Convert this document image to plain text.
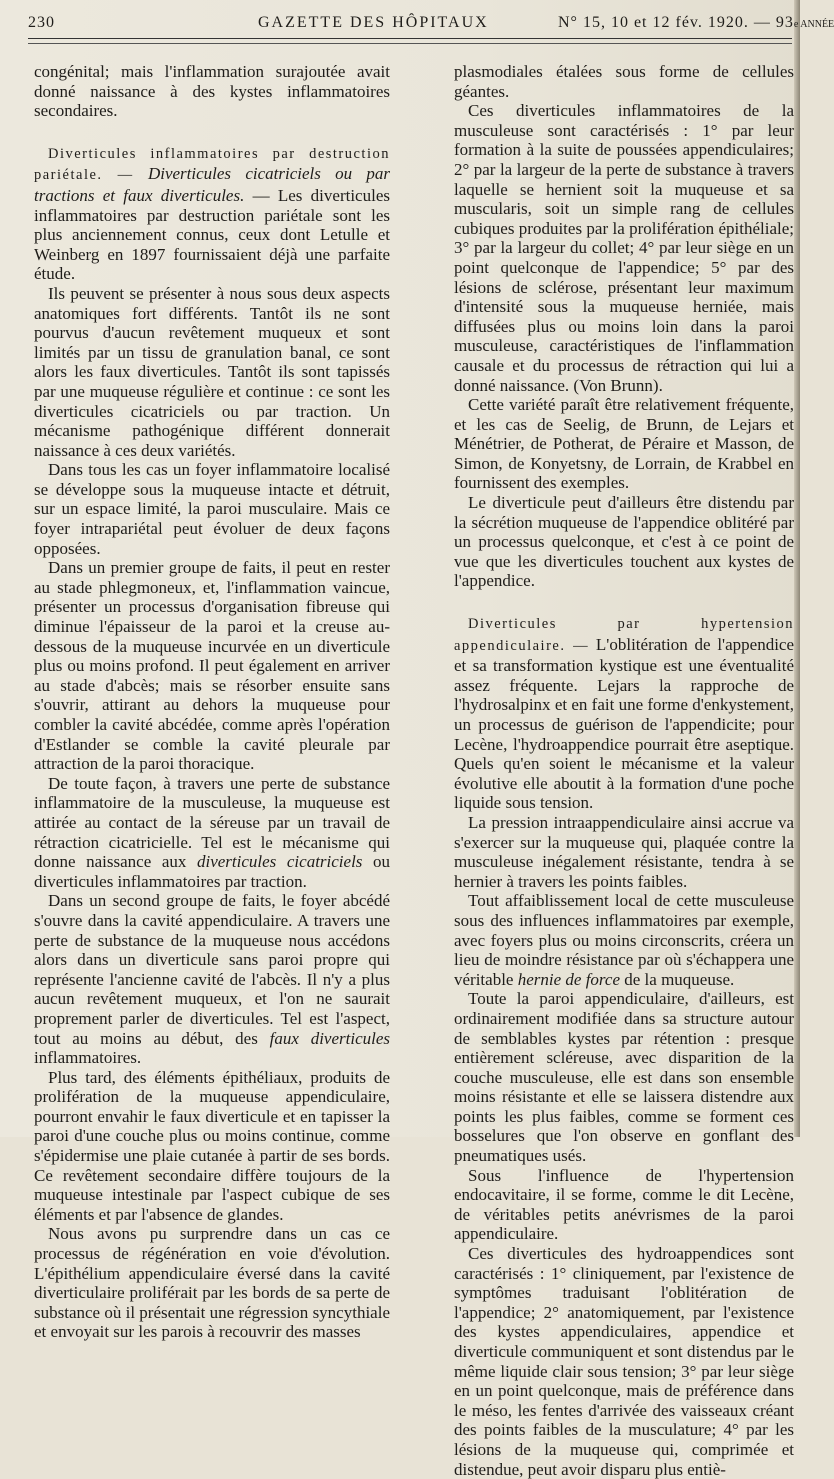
230	GAZETTE DES HÔPITAUX	N° 15, 10 et 12 fév. 1920. — 93e ANNÉE

congénital; mais l'inflammation surajoutée avait donné naissance à des kystes inflammatoires secondaires.

Diverticules inflammatoires par destruction pariétale. — Diverticules cicatriciels ou par tractions et faux diverticules. — Les diverticules inflammatoires par destruction pariétale sont les plus anciennement connus, ceux dont Letulle et Weinberg en 1897 fournissaient déjà une parfaite étude.

Ils peuvent se présenter à nous sous deux aspects anatomiques fort différents. Tantôt ils ne sont pourvus d'aucun revêtement muqueux et sont limités par un tissu de granulation banal, ce sont alors les faux diverticules. Tantôt ils sont tapissés par une muqueuse régulière et continue : ce sont les diverticules cicatriciels ou par traction. Un mécanisme pathogénique différent donnerait naissance à ces deux variétés.

Dans tous les cas un foyer inflammatoire localisé se développe sous la muqueuse intacte et détruit, sur un espace limité, la paroi musculaire. Mais ce foyer intrapariétal peut évoluer de deux façons opposées.

Dans un premier groupe de faits, il peut en rester au stade phlegmoneux, et, l'inflammation vaincue, présenter un processus d'organisation fibreuse qui diminue l'épaisseur de la paroi et la creuse au-dessous de la muqueuse incurvée en un diverticule plus ou moins profond. Il peut également en arriver au stade d'abcès; mais se résorber ensuite sans s'ouvrir, attirant au dehors la muqueuse pour combler la cavité abcédée, comme après l'opération d'Estlander se comble la cavité pleurale par attraction de la paroi thoracique.

De toute façon, à travers une perte de substance inflammatoire de la musculeuse, la muqueuse est attirée au contact de la séreuse par un travail de rétraction cicatricielle. Tel est le mécanisme qui donne naissance aux diverticules cicatriciels ou diverticules inflammatoires par traction.

Dans un second groupe de faits, le foyer abcédé s'ouvre dans la cavité appendiculaire. A travers une perte de substance de la muqueuse nous accédons alors dans un diverticule sans paroi propre qui représente l'ancienne cavité de l'abcès. Il n'y a plus aucun revêtement muqueux, et l'on ne saurait proprement parler de diverticules. Tel est l'aspect, tout au moins au début, des faux diverticules inflammatoires.

Plus tard, des éléments épithéliaux, produits de prolifération de la muqueuse appendiculaire, pourront envahir le faux diverticule et en tapisser la paroi d'une couche plus ou moins continue, comme s'épidermise une plaie cutanée à partir de ses bords. Ce revêtement secondaire diffère toujours de la muqueuse intestinale par l'aspect cubique de ses éléments et par l'absence de glandes.

Nous avons pu surprendre dans un cas ce processus de régénération en voie d'évolution. L'épithélium appendiculaire éversé dans la cavité diverticulaire proliférait par les bords de sa perte de substance où il présentait une régression syncythiale et envoyait sur les parois à recouvrir des masses

plasmodiales étalées sous forme de cellules géantes.

Ces diverticules inflammatoires de la musculeuse sont caractérisés : 1° par leur formation à la suite de poussées appendiculaires; 2° par la largeur de la perte de substance à travers laquelle se hernient soit la muqueuse et sa muscularis, soit un simple rang de cellules cubiques produites par la prolifération épithéliale; 3° par la largeur du collet; 4° par leur siège en un point quelconque de l'appendice; 5° par des lésions de sclérose, présentant leur maximum d'intensité sous la muqueuse herniée, mais diffusées plus ou moins loin dans la paroi musculeuse, caractéristiques de l'inflammation causale et du processus de rétraction qui lui a donné naissance. (Von Brunn).

Cette variété paraît être relativement fréquente, et les cas de Seelig, de Brunn, de Lejars et Ménétrier, de Potherat, de Péraire et Masson, de Simon, de Konyetsny, de Lorrain, de Krabbel en fournissent des exemples.

Le diverticule peut d'ailleurs être distendu par la sécrétion muqueuse de l'appendice oblitéré par un processus quelconque, et c'est à ce point de vue que les diverticules touchent aux kystes de l'appendice.

Diverticules par hypertension appendiculaire. — L'oblitération de l'appendice et sa transformation kystique est une éventualité assez fréquente. Lejars la rapproche de l'hydrosalpinx et en fait une forme d'enkystement, un processus de guérison de l'appendicite; pour Lecène, l'hydroappendice pourrait être aseptique. Quels qu'en soient le mécanisme et la valeur évolutive elle aboutit à la formation d'une poche liquide sous tension.

La pression intraappendiculaire ainsi accrue va s'exercer sur la muqueuse qui, plaquée contre la musculeuse inégalement résistante, tendra à se hernier à travers les points faibles.

Tout affaiblissement local de cette musculeuse sous des influences inflammatoires par exemple, avec foyers plus ou moins circonscrits, créera un lieu de moindre résistance par où s'échappera une véritable hernie de force de la muqueuse.

Toute la paroi appendiculaire, d'ailleurs, est ordinairement modifiée dans sa structure autour de semblables kystes par rétention : presque entièrement scléreuse, avec disparition de la couche musculeuse, elle est dans son ensemble moins résistante et elle se laissera distendre aux points les plus faibles, comme se forment ces bosselures que l'on observe en gonflant des pneumatiques usés.

Sous l'influence de l'hypertension endocavitaire, il se forme, comme le dit Lecène, de véritables petits anévrismes de la paroi appendiculaire.

Ces diverticules des hydroappendices sont caractérisés : 1° cliniquement, par l'existence de symptômes traduisant l'oblitération de l'appendice; 2° anatomiquement, par l'existence des kystes appendiculaires, appendice et diverticule communiquent et sont distendus par le même liquide clair sous tension; 3° par leur siège en un point quelconque, mais de préférence dans le méso, les fentes d'arrivée des vaisseaux créant des points faibles de la musculature; 4° par les lésions de la muqueuse qui, comprimée et distendue, peut avoir disparu plus entiè-
